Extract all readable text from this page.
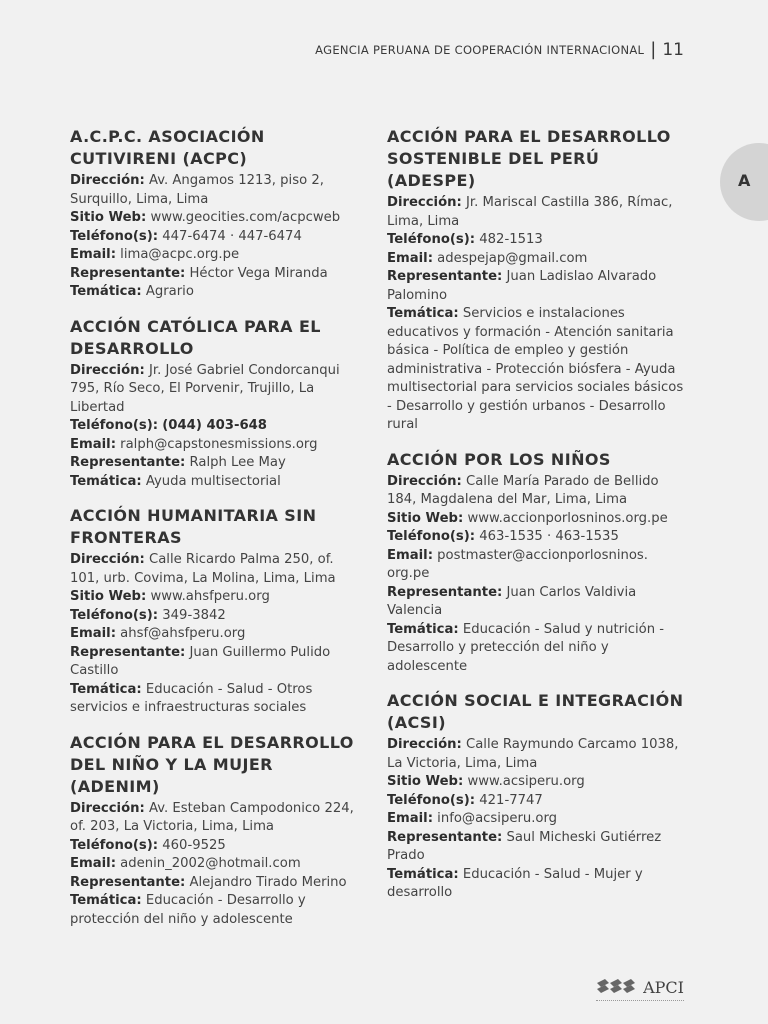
AGENCIA PERUANA DE COOPERACIÓN INTERNACIONAL | 11
A
A.C.P.C. ASOCIACIÓN CUTIVIRENI (ACPC)
Dirección: Av. Angamos 1213, piso 2, Surquillo, Lima, Lima
Sitio Web: www.geocities.com/acpcweb
Teléfono(s): 447-6474 · 447-6474
Email: lima@acpc.org.pe
Representante: Héctor Vega Miranda
Temática: Agrario
ACCIÓN CATÓLICA PARA EL DESARROLLO
Dirección: Jr. José Gabriel Condorcanqui 795, Río Seco, El Porvenir, Trujillo, La Libertad
Teléfono(s): (044) 403-648
Email: ralph@capstonesmissions.org
Representante: Ralph Lee May
Temática: Ayuda multisectorial
ACCIÓN HUMANITARIA SIN FRONTERAS
Dirección: Calle Ricardo Palma 250, of. 101, urb. Covima, La Molina, Lima, Lima
Sitio Web: www.ahsfperu.org
Teléfono(s): 349-3842
Email: ahsf@ahsfperu.org
Representante: Juan Guillermo Pulido Castillo
Temática: Educación - Salud - Otros servicios e infraestructuras sociales
ACCIÓN PARA EL DESARROLLO DEL NIÑO Y LA MUJER (ADENIM)
Dirección: Av. Esteban Campodonico 224, of. 203, La Victoria, Lima, Lima
Teléfono(s): 460-9525
Email: adenin_2002@hotmail.com
Representante: Alejandro Tirado Merino
Temática: Educación - Desarrollo y protección del niño y adolescente
ACCIÓN PARA EL DESARROLLO SOSTENIBLE DEL PERÚ (ADESPE)
Dirección: Jr. Mariscal Castilla 386, Rímac, Lima, Lima
Teléfono(s): 482-1513
Email: adespejap@gmail.com
Representante: Juan Ladislao Alvarado Palomino
Temática: Servicios e instalaciones educativos y formación - Atención sanitaria básica - Política de empleo y gestión administrativa - Protección biósfera - Ayuda multisectorial para servicios sociales básicos - Desarrollo y gestión urbanos - Desarrollo rural
ACCIÓN POR LOS NIÑOS
Dirección: Calle María Parado de Bellido 184, Magdalena del Mar, Lima, Lima
Sitio Web: www.accionporlosninos.org.pe
Teléfono(s): 463-1535 · 463-1535
Email: postmaster@accionporlosninos. org.pe
Representante: Juan Carlos Valdivia Valencia
Temática: Educación - Salud y nutrición - Desarrollo y pretección del niño y adolescente
ACCIÓN SOCIAL E INTEGRACIÓN (ACSI)
Dirección: Calle Raymundo Carcamo 1038, La Victoria, Lima, Lima
Sitio Web: www.acsiperu.org
Teléfono(s): 421-7747
Email: info@acsiperu.org
Representante: Saul Micheski Gutiérrez Prado
Temática: Educación - Salud - Mujer y desarrollo
APCI
